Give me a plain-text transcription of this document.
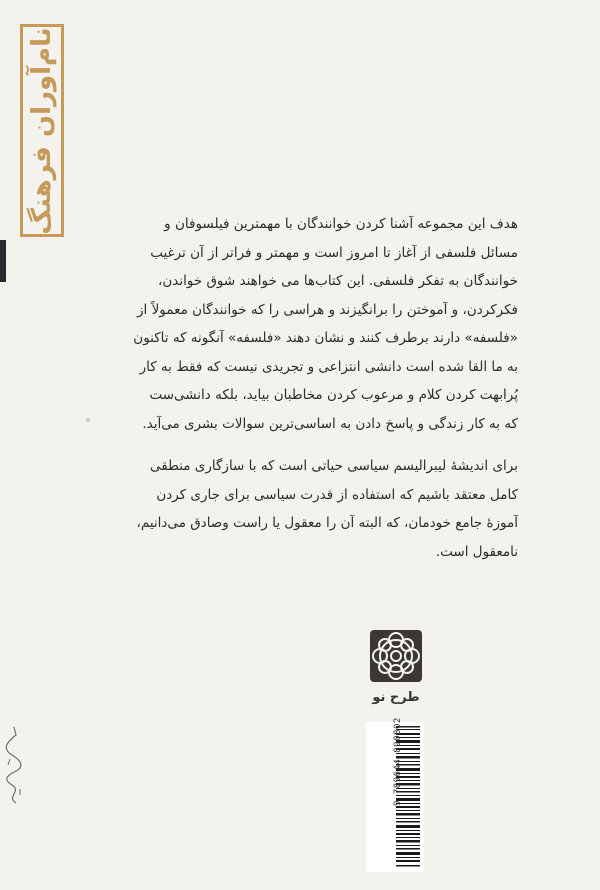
نام‌آوران فرهنگ	هدف این مجموعه آشنا کردن خوانندگان با مهمترین فیلسوفان و

مسائل فلسفی از آغاز تا امروز است و مهمتر و فراتر از آن ترغیب

خوانندگان به تفکر فلسفی. این کتاب‌ها می خواهند شوق خواندن،

فکرکردن، و آموختن را برانگیزند و هراسی را که خوانندگان معمولاً از

«فلسفه» دارند برطرف کنند و نشان دهند «فلسفه» آنگونه که تاکنون

به ما القا شده است دانشی انتزاعی و تجریدی نیست که فقط به کار

پُرابهت کردن کلام و مرعوب کردن مخاطبان بیاید، بلکه دانشی‌ست

که به کار زندگی و پاسخ دادن به اساسی‌ترین سوالات بشری می‌آید.

برای اندیشهٔ لیبرالیسم سیاسی حیاتی است که با سازگاری منطقی

کامل معتقد باشیم که استفاده از قدرت سیاسی برای جاری کردن

آموزهٔ جامع خودمان، که البته آن را معقول یا راست وصادق می‌دانیم،

نامعقول است.

طرح نو
9 789644 890802
